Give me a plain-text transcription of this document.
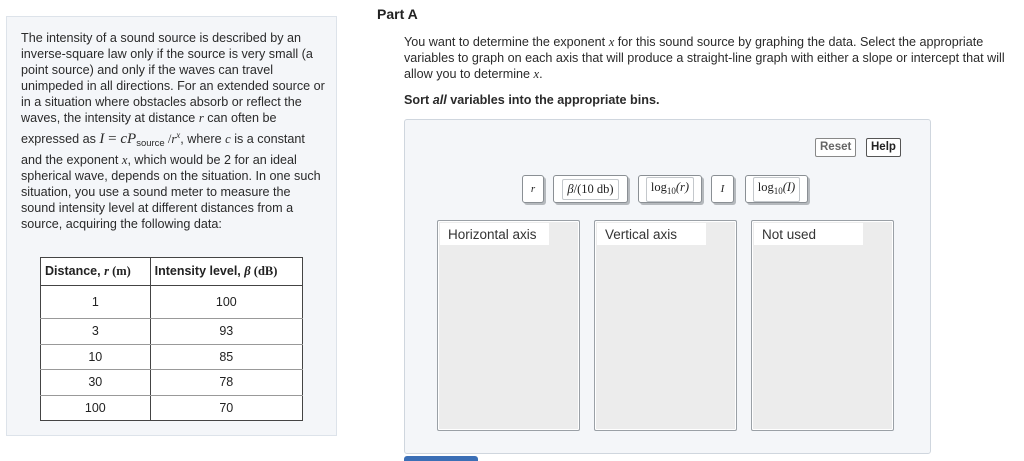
The intensity of a sound source is described by an inverse-square law only if the source is very small (a point source) and only if the waves can travel unimpeded in all directions. For an extended source or in a situation where obstacles absorb or reflect the waves, the intensity at distance r can often be expressed as $I = cP_{source}$ $/r^x$, where c is a constant and the exponent x, which would be 2 for an ideal spherical wave, depends on the situation. In one such situation, you use a sound meter to measure the sound intensity level at different distances from a source, acquiring the following data:
Distance, r (m)	Intensity level, β (dB)
1	100
3	93
10	85
30	78
100	70
Part A
You want to determine the exponent x for this sound source by graphing the data. Select the appropriate variables to graph on each axis that will produce a straight-line graph with either a slope or intercept that will allow you to determine x.
Sort all variables into the appropriate bins.
Reset	Help
r	β/(10 db)	$\log_{10}(r)$	I	$\log_{10}(I)$
Horizontal axis	Vertical axis	Not used
